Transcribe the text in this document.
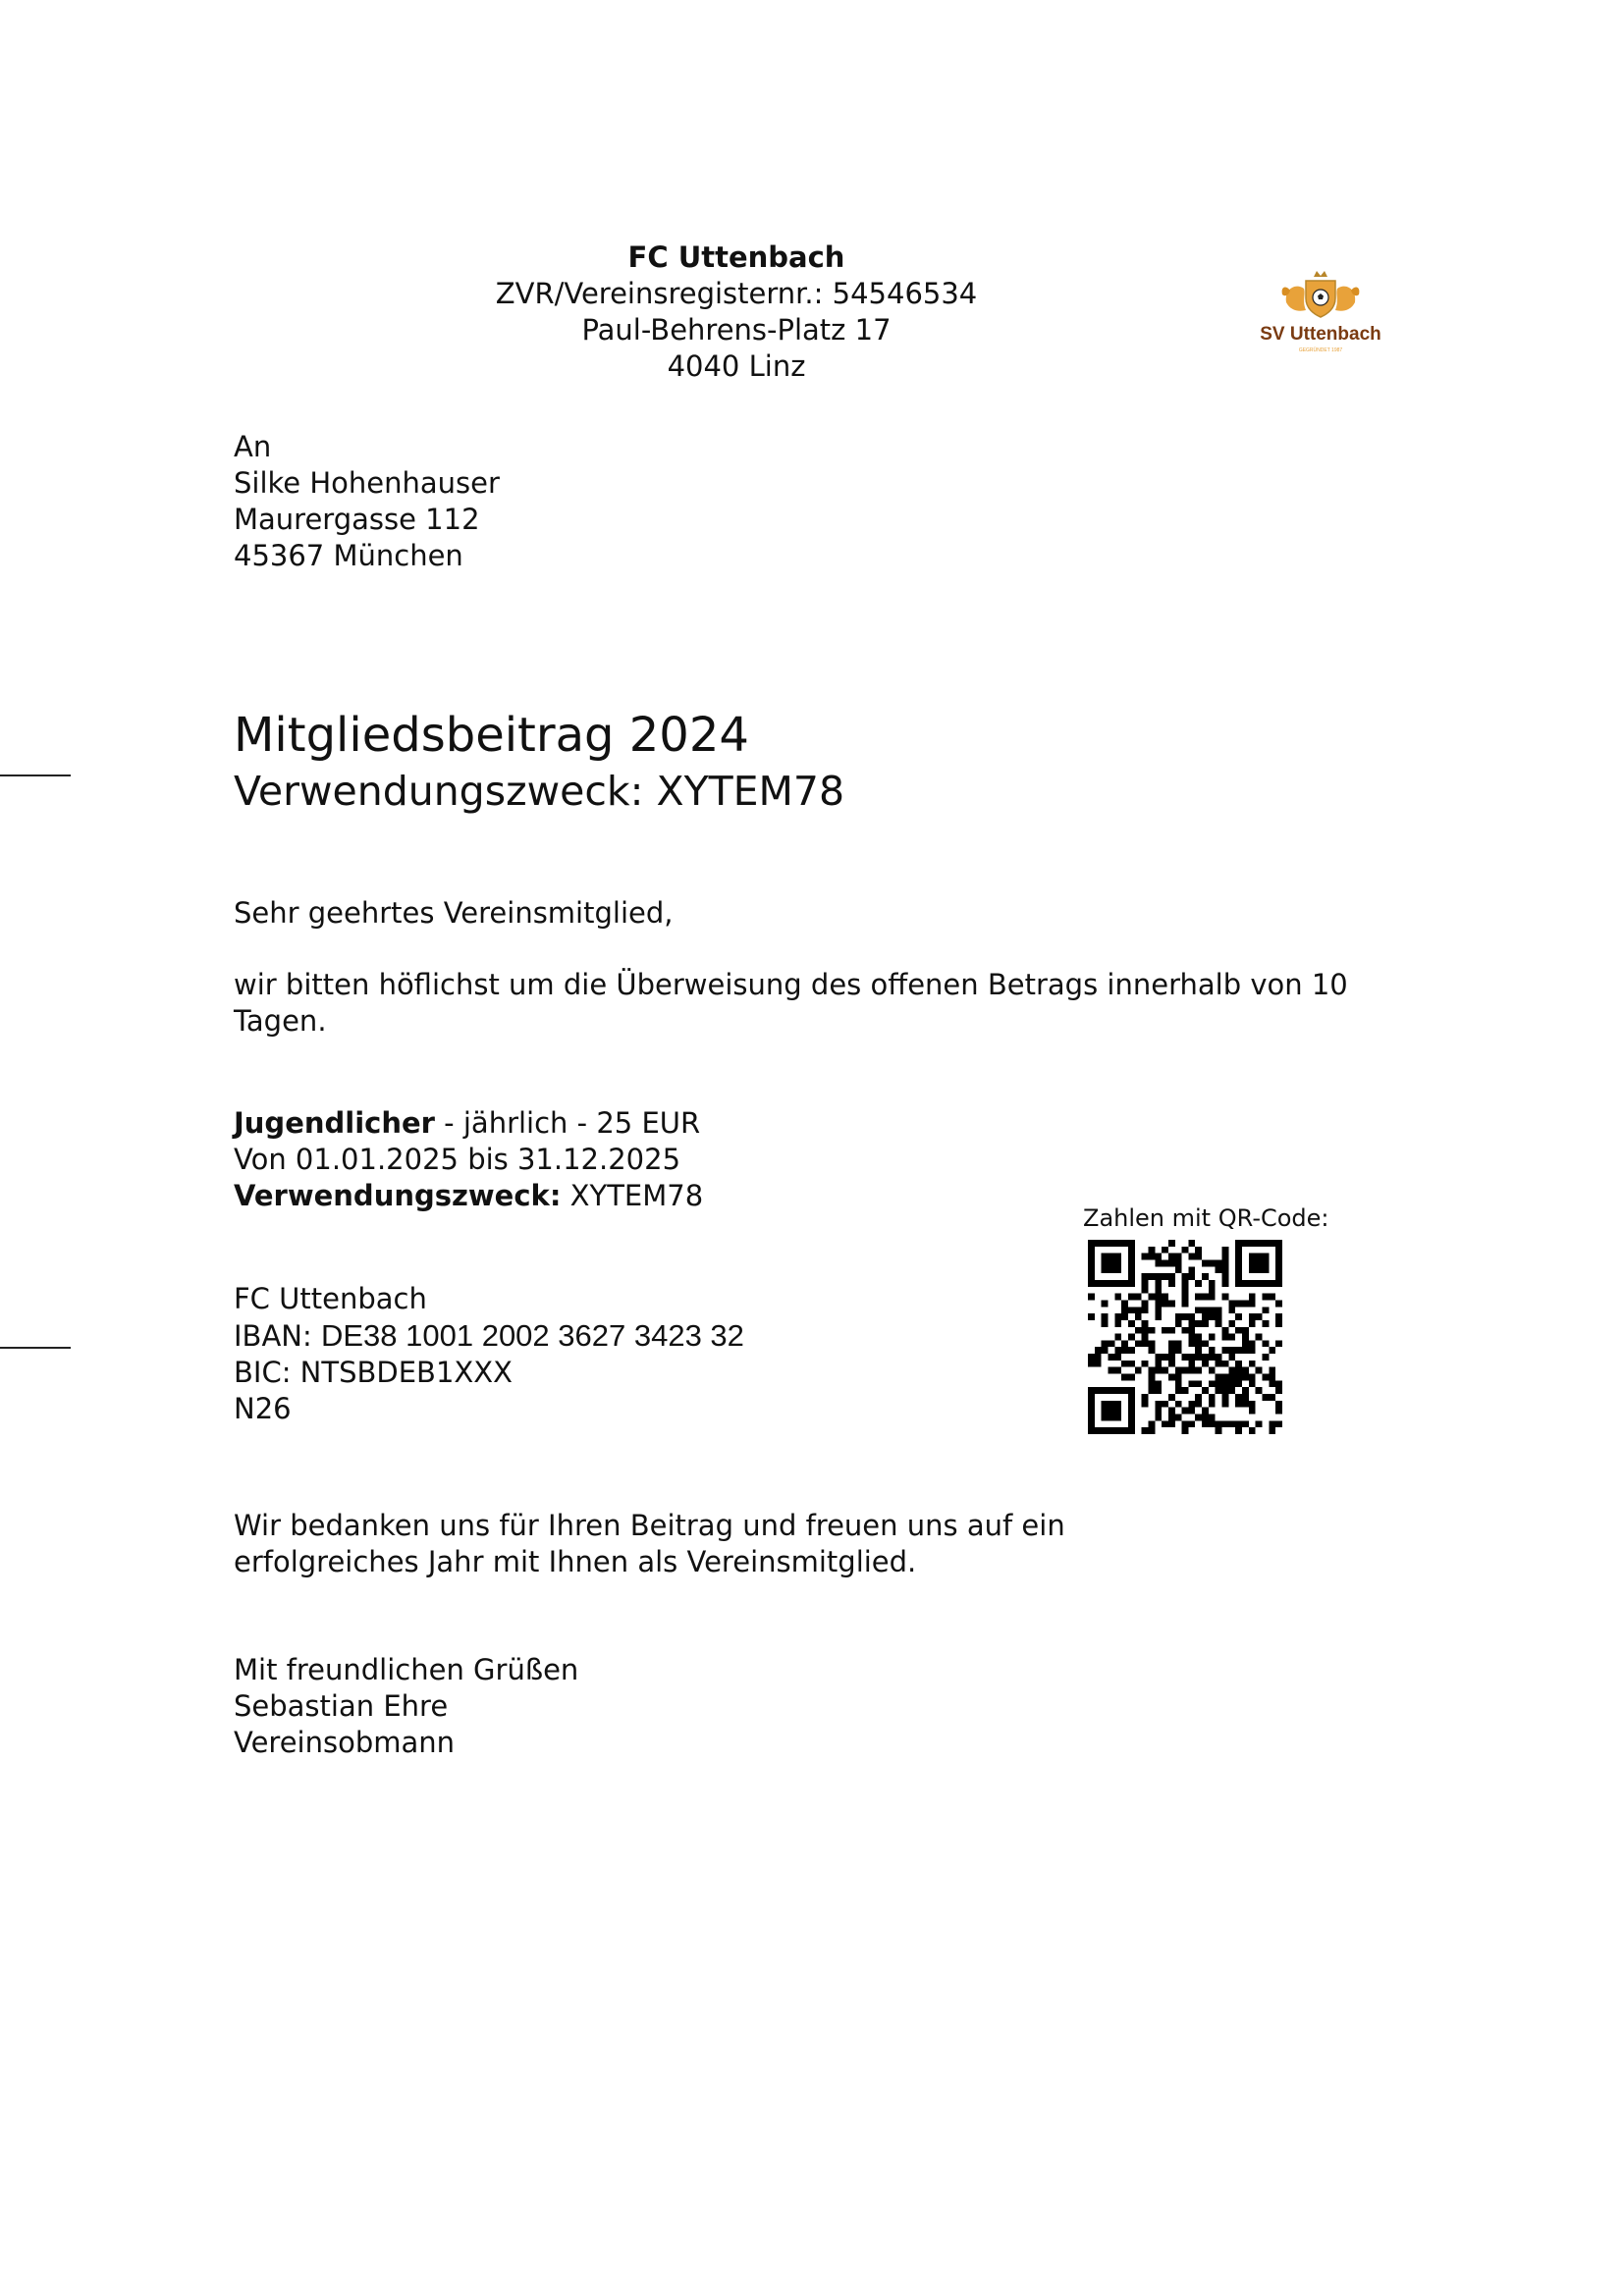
FC Uttenbach
ZVR/Vereinsregisternr.: 54546534
Paul-Behrens-Platz 17
4040 Linz
SV Uttenbach
GEGRÜNDET 1987
An
Silke Hohenhauser
Maurergasse 112
45367 München
Mitgliedsbeitrag 2024
Verwendungszweck: XYTEM78
Sehr geehrtes Vereinsmitglied,
wir bitten höflichst um die Überweisung des offenen Betrags innerhalb von 10 Tagen.
Jugendlicher - jährlich - 25 EUR
Von 01.01.2025 bis 31.12.2025
Verwendungszweck: XYTEM78
Zahlen mit QR-Code:
FC Uttenbach
IBAN: DE38 1001 2002 3627 3423 32
BIC: NTSBDEB1XXX
N26
Wir bedanken uns für Ihren Beitrag und freuen uns auf ein erfolgreiches Jahr mit Ihnen als Vereinsmitglied.
Mit freundlichen Grüßen
Sebastian Ehre
Vereinsobmann
